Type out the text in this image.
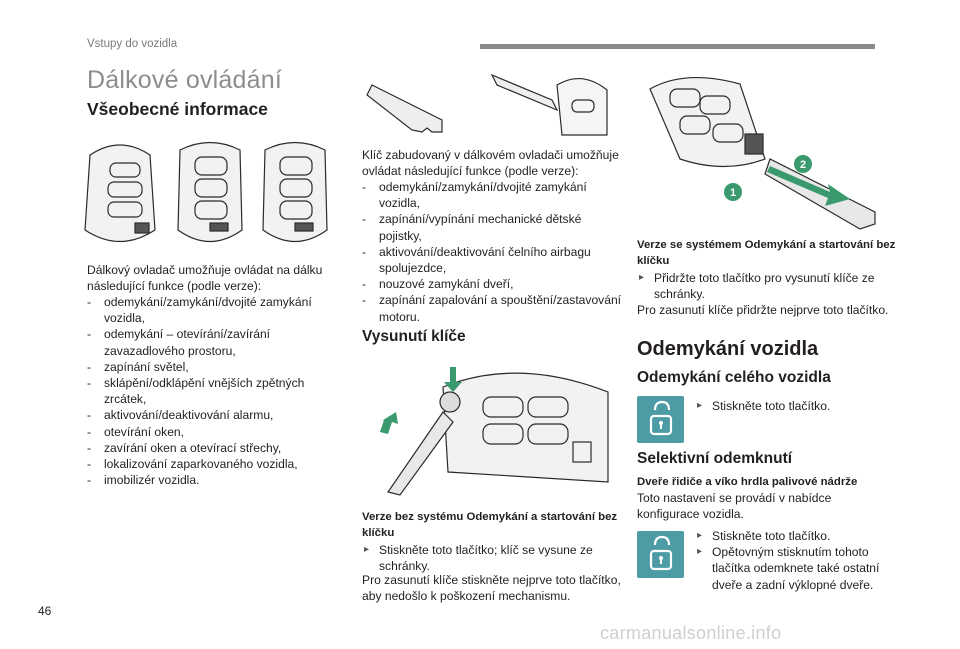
Vstupy do vozidla
Dálkové ovládání
Všeobecné informace
Dálkový ovladač umožňuje ovládat na dálku následující funkce (podle verze):
- odemykání/zamykání/dvojité zamykání vozidla,
- odemykání – otevírání/zavírání zavazadlového prostoru,
- zapínání světel,
- sklápění/odklápění vnějších zpětných zrcátek,
- aktivování/deaktivování alarmu,
- otevírání oken,
- zavírání oken a otevírací střechy,
- lokalizování zaparkovaného vozidla,
- imobilizér vozidla.
Klíč zabudovaný v dálkovém ovladači umožňuje ovládat následující funkce (podle verze):
- odemykání/zamykání/dvojité zamykání vozidla,
- zapínání/vypínání mechanické dětské pojistky,
- aktivování/deaktivování čelního airbagu spolujezdce,
- nouzové zamykání dveří,
- zapínání zapalování a spouštění/zastavování motoru.
Vysunutí klíče
Verze bez systému Odemykání a startování bez klíčku
▸ Stiskněte toto tlačítko; klíč se vysune ze schránky.
Pro zasunutí klíče stiskněte nejprve toto tlačítko, aby nedošlo k poškození mechanismu.
1
2
Verze se systémem Odemykání a startování bez klíčku
▸ Přidržte toto tlačítko pro vysunutí klíče ze schránky.
Pro zasunutí klíče přidržte nejprve toto tlačítko.
Odemykání vozidla
Odemykání celého vozidla
▸ Stiskněte toto tlačítko.
Selektivní odemknutí
Dveře řidiče a víko hrdla palivové nádrže
Toto nastavení se provádí v nabídce konfigurace vozidla.
▸ Stiskněte toto tlačítko.
▸ Opětovným stisknutím tohoto tlačítka odemknete také ostatní dveře a zadní výklopné dveře.
46
carmanualsonline.info
